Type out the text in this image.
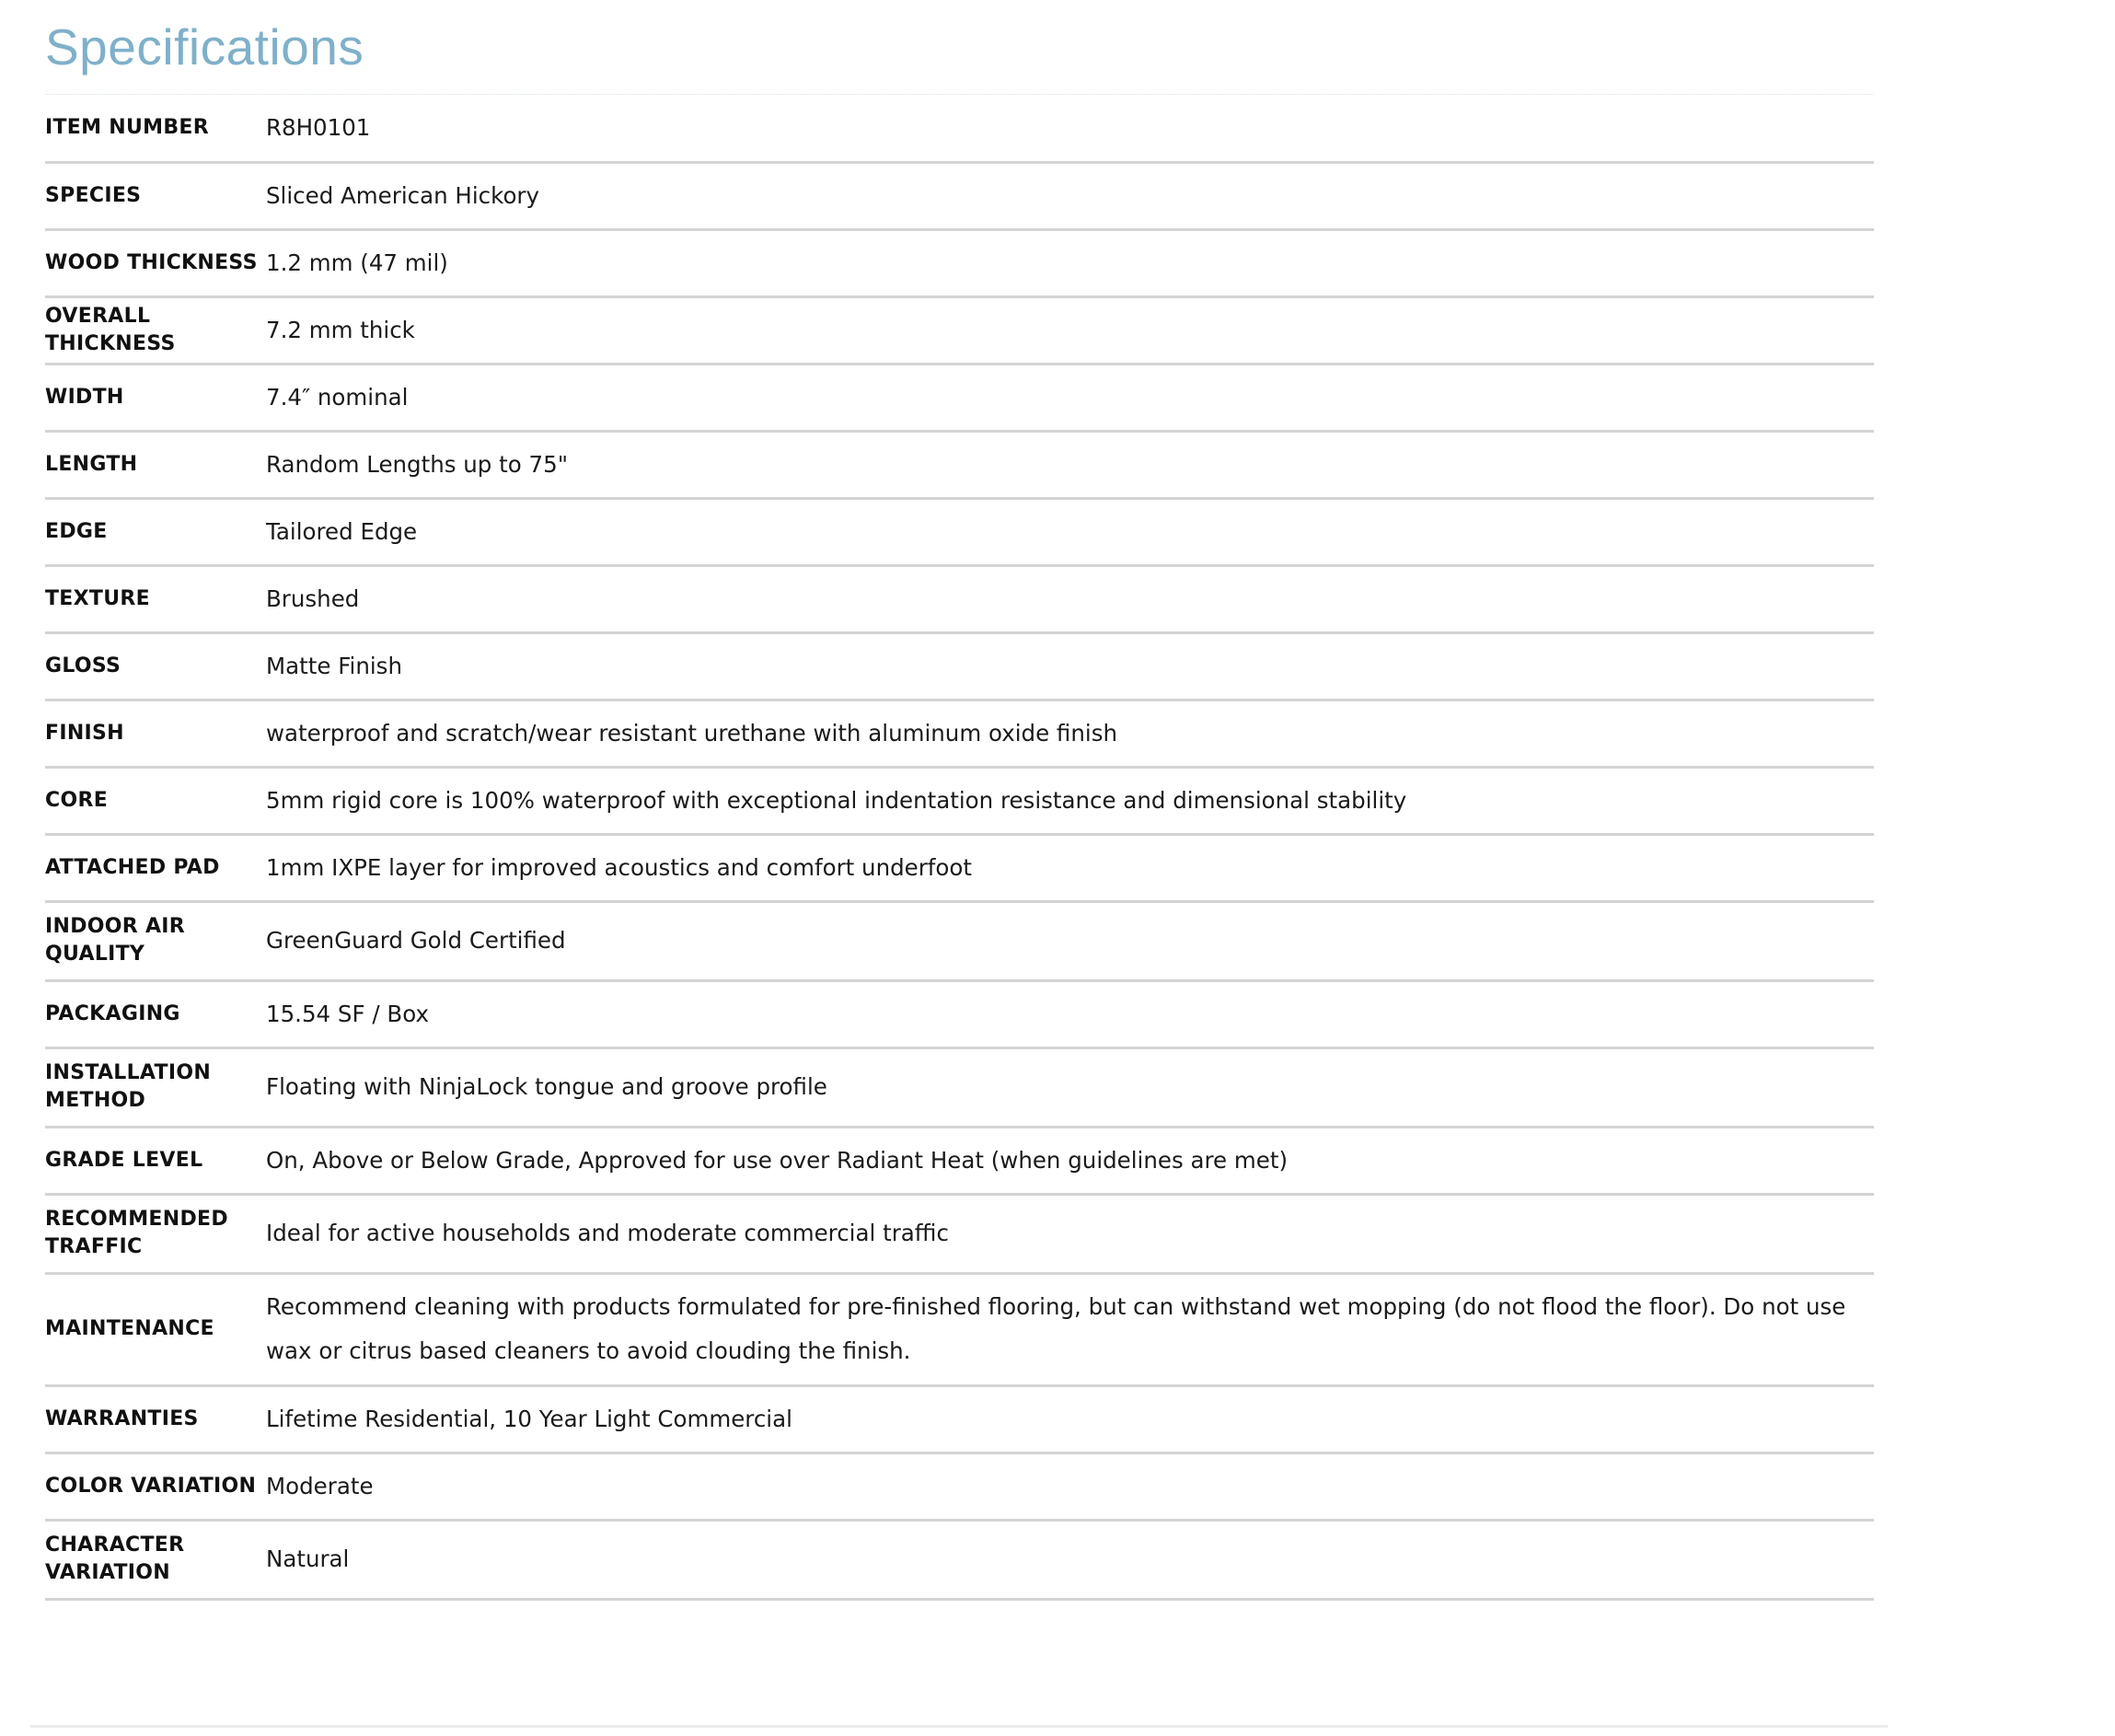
Specifications
ITEM NUMBER	R8H0101
SPECIES	Sliced American Hickory
WOOD THICKNESS	1.2 mm (47 mil)
OVERALL THICKNESS	7.2 mm thick
WIDTH	7.4″ nominal
LENGTH	Random Lengths up to 75"
EDGE	Tailored Edge
TEXTURE	Brushed
GLOSS	Matte Finish
FINISH	waterproof and scratch/wear resistant urethane with aluminum oxide finish
CORE	5mm rigid core is 100% waterproof with exceptional indentation resistance and dimensional stability
ATTACHED PAD	1mm IXPE layer for improved acoustics and comfort underfoot
INDOOR AIR QUALITY	GreenGuard Gold Certified
PACKAGING	15.54 SF / Box
INSTALLATION METHOD	Floating with NinjaLock tongue and groove profile
GRADE LEVEL	On, Above or Below Grade, Approved for use over Radiant Heat (when guidelines are met)
RECOMMENDED TRAFFIC	Ideal for active households and moderate commercial traffic
MAINTENANCE	Recommend cleaning with products formulated for pre-finished flooring, but can withstand wet mopping (do not flood the floor). Do not use wax or citrus based cleaners to avoid clouding the finish.
WARRANTIES	Lifetime Residential, 10 Year Light Commercial
COLOR VARIATION	Moderate
CHARACTER VARIATION	Natural
